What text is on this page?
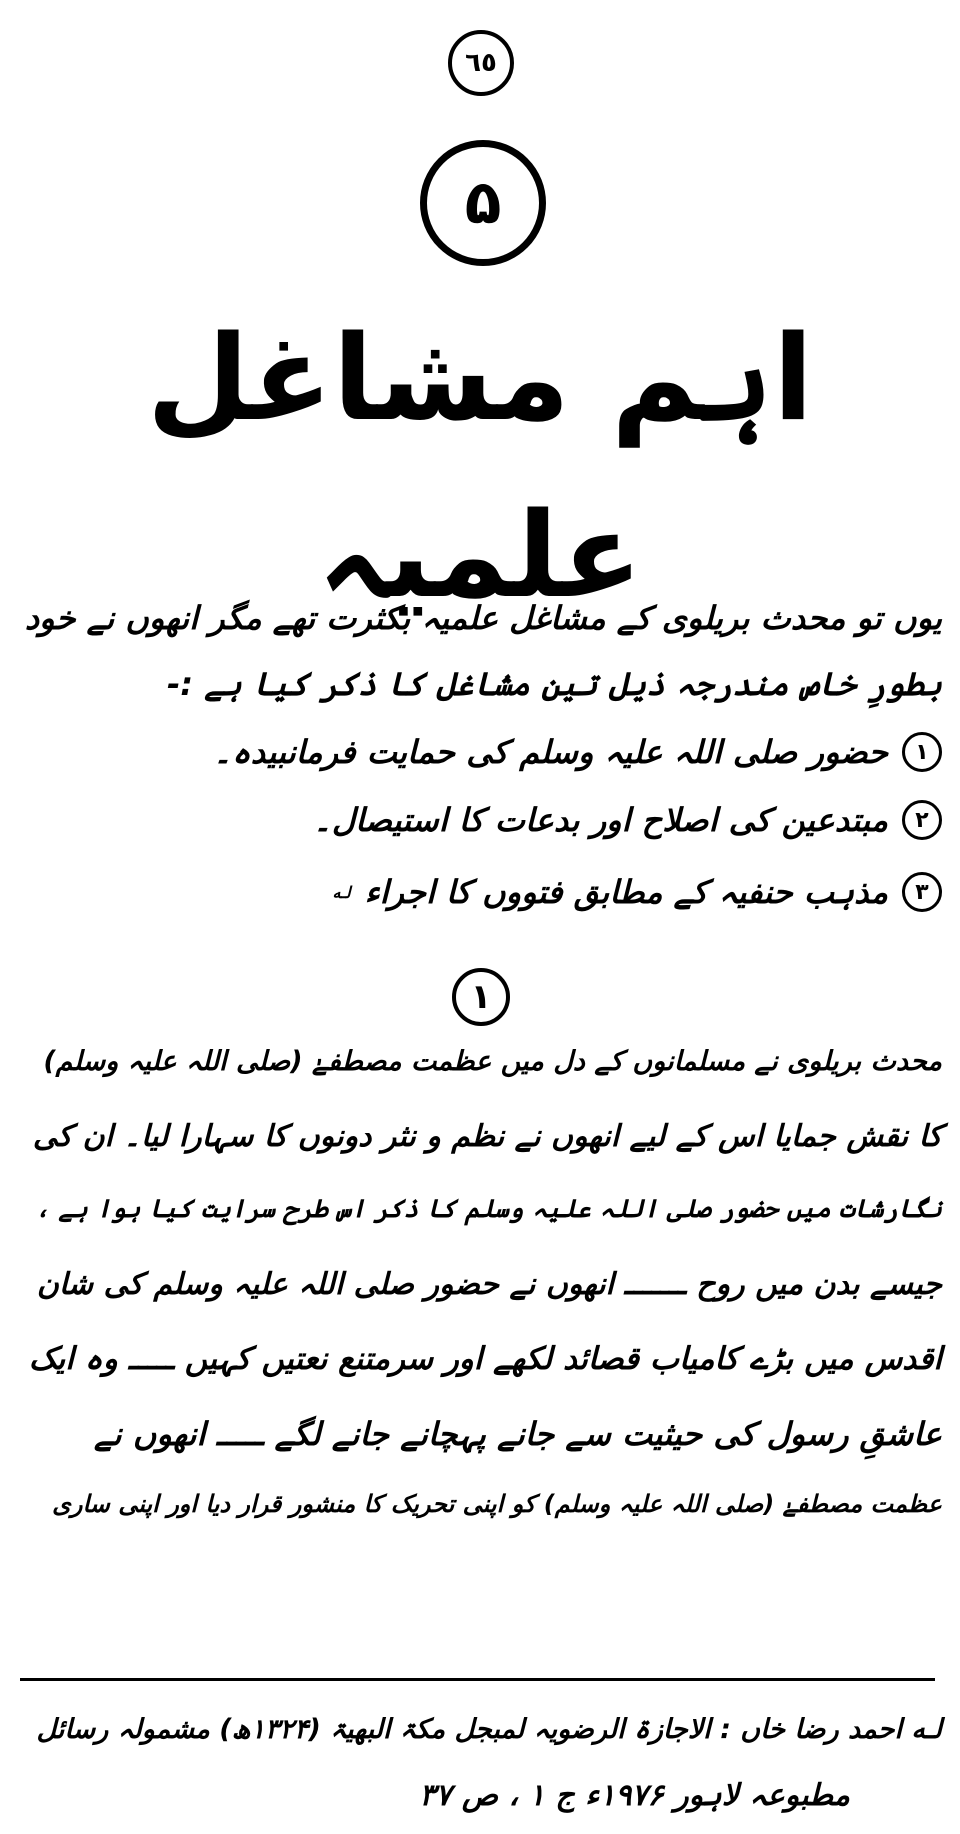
٦٥
۵
اہم مشاغل علمیہ
یوں تو محدث بریلوی کے مشاغل علمیہ بکثرت تھے مگر انھوں نے خود
بطورِ خاص مندرجہ ذیل تین مشاغل کا ذکر کیا ہے :-
۱
حضور صلی اللہ علیہ وسلم کی حمایت فرمانبیدہ۔
۲
مبتدعین کی اصلاح اور بدعات کا استیصال۔
۳
مذہب حنفیہ کے مطابق فتووں کا اجراء
لـه
۱
محدث بریلوی نے مسلمانوں کے دل میں عظمت مصطفےٰ (صلی اللہ علیہ وسلم)
کا نقش جمایا اس کے لیے انھوں نے نظم و نثر دونوں کا سہارا لیا۔ ان کی
نگارشات میں حضور صلی اللہ علیہ وسلم کا ذکر اس طرح سرایت کیا ہوا ہے ،
جیسے بدن میں روح ـــــــ انھوں نے حضور صلی اللہ علیہ وسلم کی شان
اقدس میں بڑے کامیاب قصائد لکھے اور سرمتنع نعتیں کہیں ـــــ وہ ایک
عاشقِ رسول کی حیثیت سے جانے پہچانے جانے لگے ـــــ انھوں نے
عظمت مصطفےٰ (صلی اللہ علیہ وسلم) کو اپنی تحریک کا منشور قرار دیا اور اپنی ساری
لـه احمد رضا خاں : الاجازۃ الرضویہ لمبجل مکۃ البھیۃ (۱۳۲۴ھ) مشمولہ رسائل
مطبوعہ لاہور ۱۹۷۶ء ج ۱ ، ص ۳۷
